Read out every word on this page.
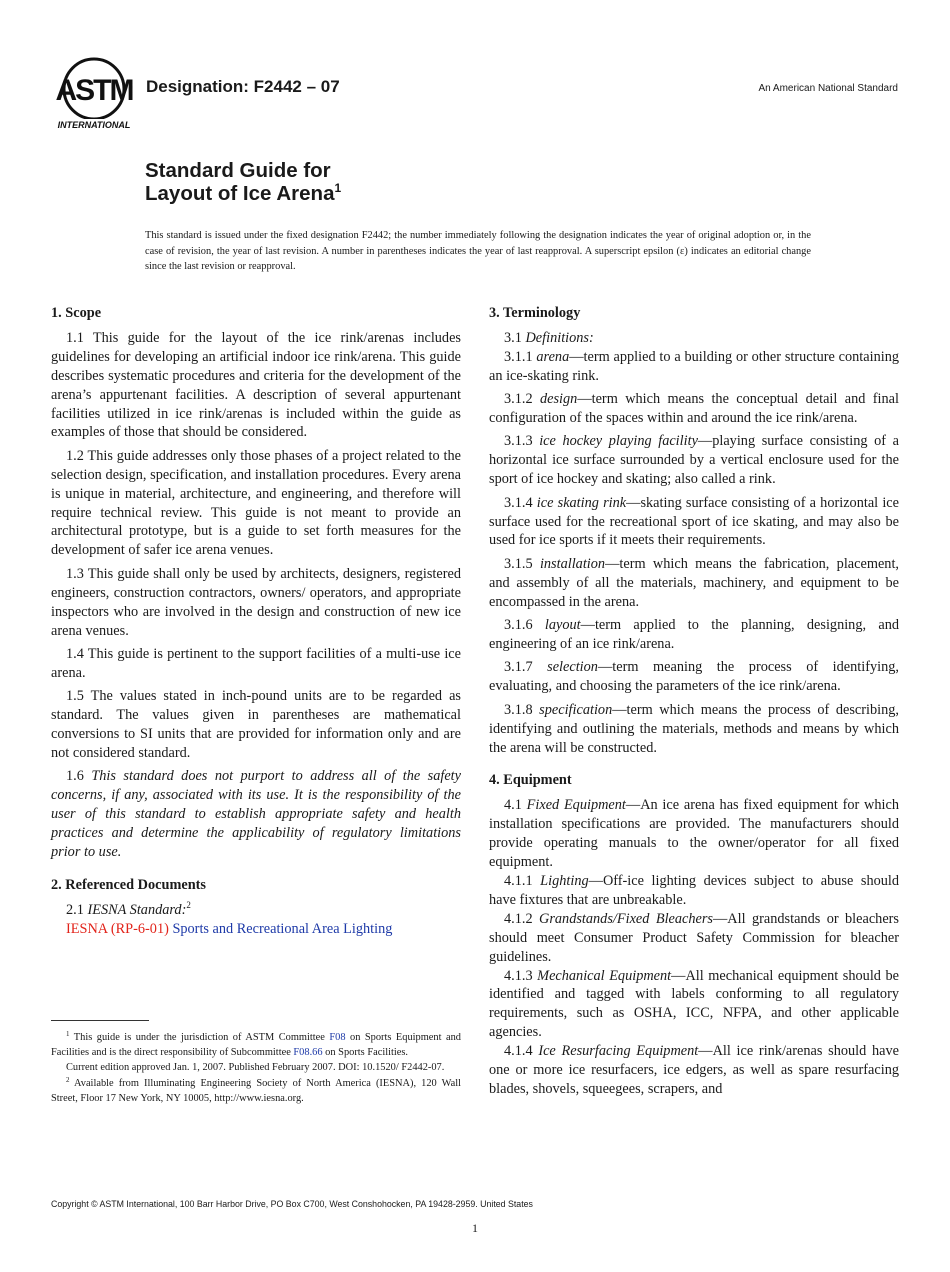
ASTM
INTERNATIONAL
Designation: F2442 – 07	An American National Standard
Standard Guide for
Layout of Ice Arena$^1$
This standard is issued under the fixed designation F2442; the number immediately following the designation indicates the year of original adoption or, in the case of revision, the year of last revision. A number in parentheses indicates the year of last reapproval. A superscript epsilon (ε) indicates an editorial change since the last revision or reapproval.
1. Scope

1.1 This guide for the layout of the ice rink/arenas includes guidelines for developing an artificial indoor ice rink/arena. This guide describes systematic procedures and criteria for the development of the arena’s appurtenant facilities. A description of several appurtenant facilities utilized in ice rink/arenas is included within the guide as examples of those that should be considered.

1.2 This guide addresses only those phases of a project related to the selection design, specification, and installation procedures. Every arena is unique in material, architecture, and engineering, and therefore will require technical review. This guide is not meant to provide an architectural prototype, but is a guide to set forth measures for the development of safer ice arena venues.

1.3 This guide shall only be used by architects, designers, registered engineers, construction contractors, owners/ operators, and appropriate inspectors who are involved in the design and construction of new ice arena venues.

1.4 This guide is pertinent to the support facilities of a multi-use ice arena.

1.5 The values stated in inch-pound units are to be regarded as standard. The values given in parentheses are mathematical conversions to SI units that are provided for information only and are not considered standard.

1.6 This standard does not purport to address all of the safety concerns, if any, associated with its use. It is the responsibility of the user of this standard to establish appropriate safety and health practices and determine the applicability of regulatory limitations prior to use.

2. Referenced Documents

2.1 IESNA Standard:$^2$

IESNA (RP-6-01) Sports and Recreational Area Lighting

3. Terminology

3.1 Definitions:

3.1.1 arena—term applied to a building or other structure containing an ice-skating rink.

3.1.2 design—term which means the conceptual detail and final configuration of the spaces within and around the ice rink/arena.

3.1.3 ice hockey playing facility—playing surface consisting of a horizontal ice surface surrounded by a vertical enclosure used for the sport of ice hockey and skating; also called a rink.

3.1.4 ice skating rink—skating surface consisting of a horizontal ice surface used for the recreational sport of ice skating, and may also be used for ice sports if it meets their requirements.

3.1.5 installation—term which means the fabrication, placement, and assembly of all the materials, machinery, and equipment to be encompassed in the arena.

3.1.6 layout—term applied to the planning, designing, and engineering of an ice rink/arena.

3.1.7 selection—term meaning the process of identifying, evaluating, and choosing the parameters of the ice rink/arena.

3.1.8 specification—term which means the process of describing, identifying and outlining the materials, methods and means by which the arena will be constructed.

4. Equipment

4.1 Fixed Equipment—An ice arena has fixed equipment for which installation specifications are provided. The manufacturers should provide operating manuals to the owner/operator for all fixed equipment.

4.1.1 Lighting—Off-ice lighting devices subject to abuse should have fixtures that are unbreakable.

4.1.2 Grandstands/Fixed Bleachers—All grandstands or bleachers should meet Consumer Product Safety Commission for bleacher guidelines.

4.1.3 Mechanical Equipment—All mechanical equipment should be identified and tagged with labels conforming to all regulatory requirements, such as OSHA, ICC, NFPA, and other applicable agencies.

4.1.4 Ice Resurfacing Equipment—All ice rink/arenas should have one or more ice resurfacers, ice edgers, as well as spare resurfacing blades, shovels, squeegees, scrapers, and

$^1$ This guide is under the jurisdiction of ASTM Committee F08 on Sports Equipment and Facilities and is the direct responsibility of Subcommittee F08.66 on Sports Facilities.

Current edition approved Jan. 1, 2007. Published February 2007. DOI: 10.1520/ F2442-07.

$^2$ Available from Illuminating Engineering Society of North America (IESNA), 120 Wall Street, Floor 17 New York, NY 10005, http://www.iesna.org.

Copyright © ASTM International, 100 Barr Harbor Drive, PO Box C700, West Conshohocken, PA 19428-2959. United States
1
